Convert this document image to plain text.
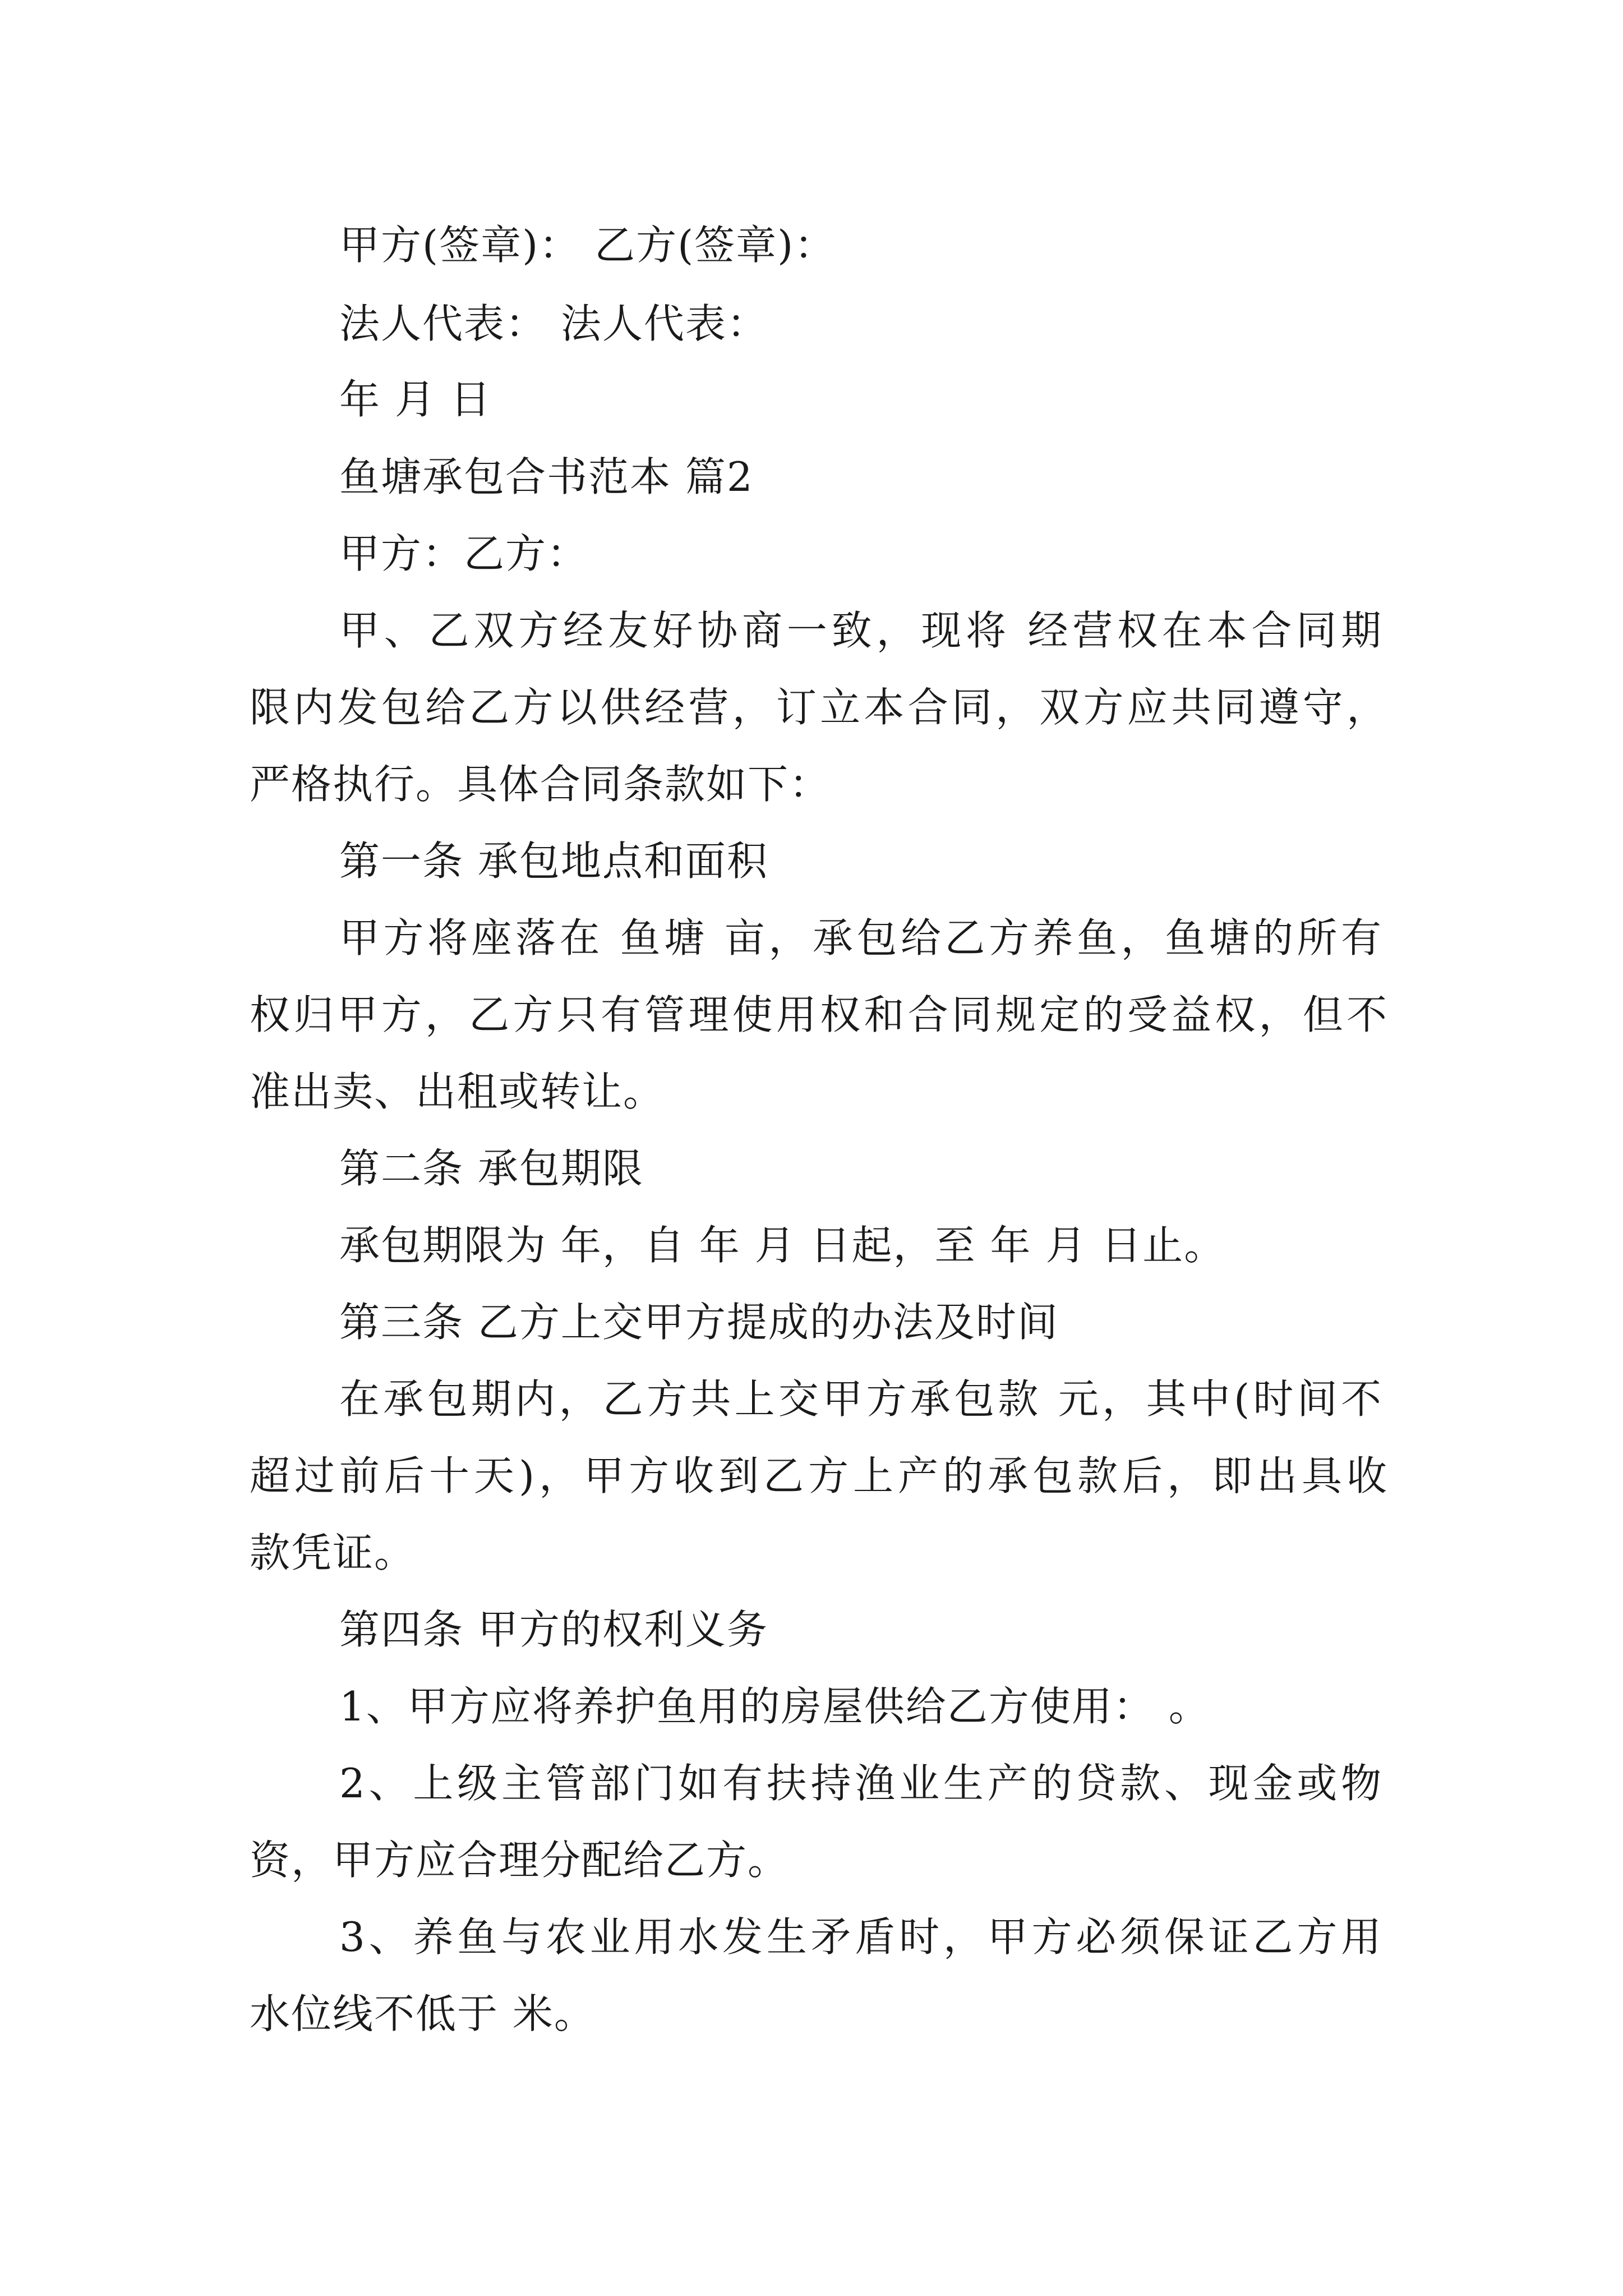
甲方(签章)： 乙方(签章)：
法人代表： 法人代表：
年 月 日
鱼塘承包合书范本 篇2
甲方：乙方：
甲、乙双方经友好协商一致，现将 经营权在本合同期
限内发包给乙方以供经营，订立本合同，双方应共同遵守，
严格执行。具体合同条款如下：
第一条 承包地点和面积
甲方将座落在 鱼塘 亩，承包给乙方养鱼，鱼塘的所有
权归甲方，乙方只有管理使用权和合同规定的受益权，但不
准出卖、出租或转让。
第二条 承包期限
承包期限为 年，自 年 月 日起，至 年 月 日止。
第三条 乙方上交甲方提成的办法及时间
在承包期内，乙方共上交甲方承包款 元，其中(时间不
超过前后十天)，甲方收到乙方上产的承包款后，即出具收
款凭证。
第四条 甲方的权利义务
1、甲方应将养护鱼用的房屋供给乙方使用： 。
2、上级主管部门如有扶持渔业生产的贷款、现金或物
资，甲方应合理分配给乙方。
3、养鱼与农业用水发生矛盾时，甲方必须保证乙方用
水位线不低于 米。
